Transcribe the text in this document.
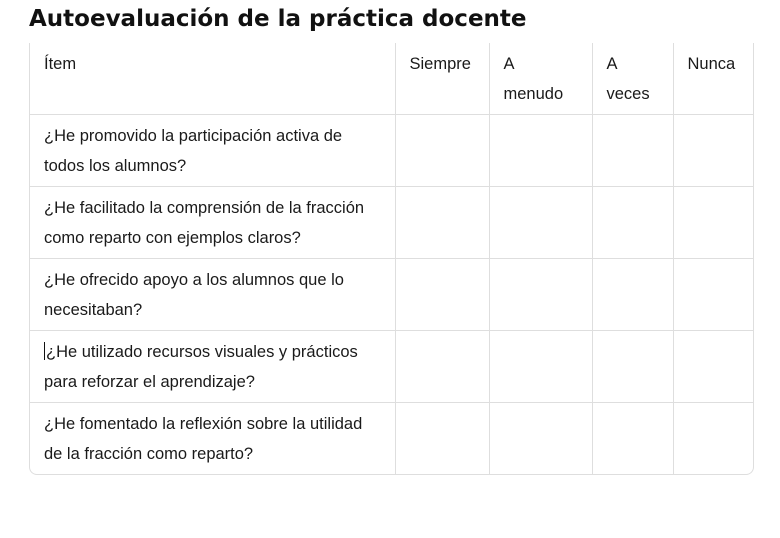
Autoevaluación de la práctica docente
Ítem	Siempre	A menudo	A veces	Nunca
¿He promovido la participación activa de todos los alumnos?				
¿He facilitado la comprensión de la fracción como reparto con ejemplos claros?				
¿He ofrecido apoyo a los alumnos que lo necesitaban?				
¿He utilizado recursos visuales y prácticos para reforzar el aprendizaje?				
¿He fomentado la reflexión sobre la utilidad de la fracción como reparto?				
